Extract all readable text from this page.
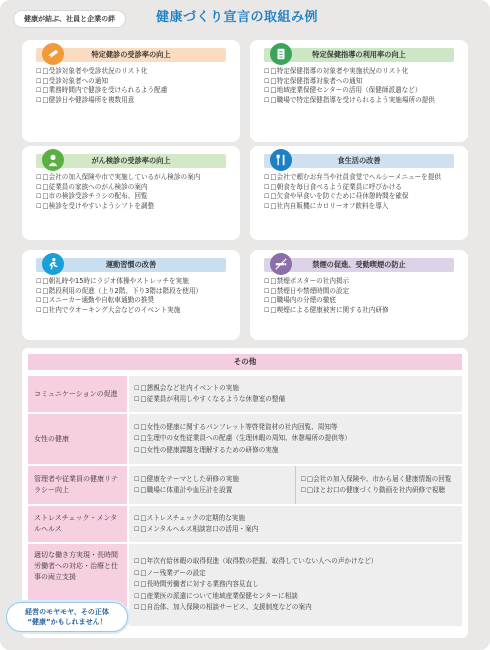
健康が結ぶ、社員と企業の絆	健康づくり宣言の取組み例
特定健診の受診率の向上
☐ □受診対象者や受診状況のリスト化
☐ □受診対象者への通知
☐ □業務時間内で健診を受けられるよう配慮
☐ □健診日や健診場所を複数用意
特定保健指導の利用率の向上
☐ □特定保健指導の対象者や実施状況のリスト化
☐ □特定保健指導対象者への通知
☐ □地域産業保健センターの活用（保健師派遣など）
☐ □職場で特定保健指導を受けられるよう実施場所の提供
がん検診の受診率の向上
☐ □会社の加入保険や市で実施しているがん検診の案内
☐ □従業員の家族へのがん検診の案内
☐ □市の検診受診チラシの配布、回覧
☐ □検診を受けやすいようシフトを調整
食生活の改善
☐ □会社で頼むお弁当や社員食堂でヘルシーメニューを提供
☐ □朝食を毎日食べるよう従業員に呼びかける
☐ □欠食や早食いを防ぐために昼休憩時間を確保
☐ □社内自販機にカロリーオフ飲料を導入
運動習慣の改善
☐ □朝礼時や15時にラジオ体操やストレッチを実施
☐ □階段利用の促進（上り2階、下り3階は階段を使用）
☐ □スニーカー通勤や自転車通勤の推奨
☐ □社内でウオーキング大会などのイベント実施
禁煙の促進、受動喫煙の防止
☐ □禁煙ポスターの社内掲示
☐ □禁煙日や禁煙時間の設定
☐ □職場内の分煙の徹底
☐ □喫煙による健康被害に関する社内研修
その他
コミュニケーションの促進
☐ □懇親会など社内イベントの実施
☐ □従業員が利用しやすくなるような休憩室の整備
女性の健康
☐ □女性の健康に関するパンフレット等啓発資材の社内回覧、周知等
☐ □生理中の女性従業員への配慮（生理休暇の周知、休憩場所の提供等）
☐ □女性の健康課題を理解するための研修の実施
管理者や従業員の健康リテラシー向上
☐ □健康をテーマとした研修の実施
☐ □職場に体重計や血圧計を設置
☐ □会社の加入保険や、市から届く健康情報の回覧
☐ □ほとお口の健康づくり動画を社内研修で視聴
ストレスチェック・メンタルヘルス
☐ □ストレスチェックの定期的な実施
☐ □メンタルヘルス相談窓口の活用・案内
適切な働き方実現・長時間労働者への対応・治療と仕事の両立支援
☐ □年次有給休暇の取得促進（取得数の把握、取得していない人への声かけなど）
☐ □ノー残業デーの設定
☐ □長時間労働者に対する業務内容見直し
☐ □産業医の派遣について地域産業保健センターに相談
☐ □自治体、加入保険の相談サービス、支援制度などの案内
経営のモヤモヤ、その正体
“健康”かもしれません！
